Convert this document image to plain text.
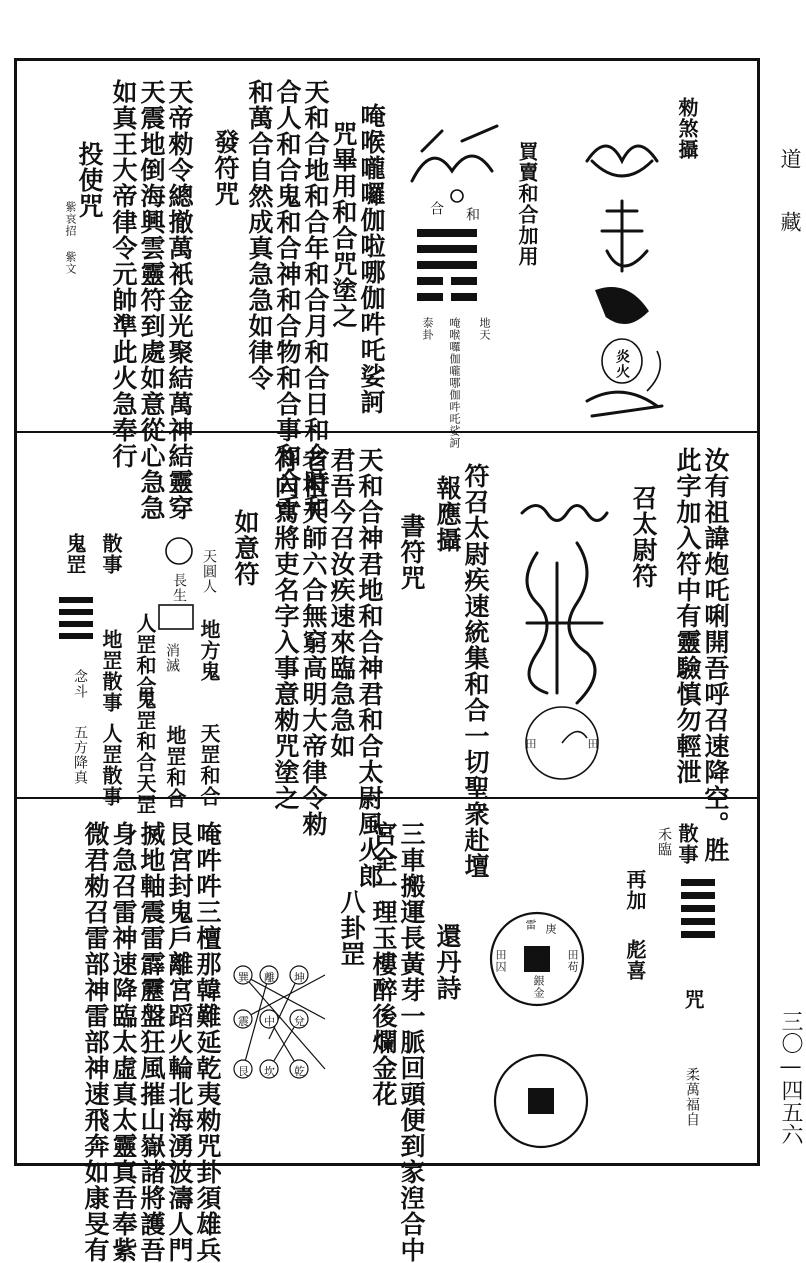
道藏
三〇—四五六
勑煞攝
炎火
買賣和合加用
和
合
地天
泰卦 唵喉囉伽嚨哪伽吽吒娑訶
唵喉嚨囉伽啦哪伽吽吒娑訶
咒畢用和合咒塗之
天和合地和合年和合月和合日和合時和
合人和合鬼和合神和合物和合事和合千
和萬合自然成真急急如律令
發符咒
天帝勑令總撤萬衹金光聚結萬神結靈穿
天震地倒海興雲靈符到處如意從心急急
如真王大帝律令元帥準此火急奉行
投使咒
紫哀招 紫文
汝有祖諱炮吒唎開吾呼召速降空。胜
此字加入符中有靈驗慎勿輕泄
召太尉符
田
田
符召太尉疾速統集和合一切聖衆赴壇
報應攝
書符咒
天和合神君地和合神君和合太尉風火郎
君吾今召汝疾速來臨急急如
老祖天師六合無窮高明大帝律令勑
符內寫將吏名字入事意勑咒塗之
如意符
天圓人
地方鬼
天罡和合
長生
消滅
地罡和合
人罡和合
鬼罡和合
天罡
散事
地罡散事
人罡散事
鬼罡
念斗
五方降真
散事
禾臨
再加
彪喜
咒
柔萬福自
雷 庚
田囚	田苟
銀金
還丹詩
三車搬運長黃芽一脈回頭便到家湼合中
宮全一理玉樓醉後爛金花
八卦罡
巽 離 坤
震 中 兌
艮 坎 乾
唵吽吽三檀那韓難延乾夷勑咒卦須雄兵
艮宮封鬼戶離宮蹈火輪北海湧波濤人門
搣地軸震雷霹靂盤狂風摧山嶽諸將護吾
身急召雷神速降臨太虛真太靈真吾奉紫
微君勑召雷部神雷部神速飛奔如康旻有
